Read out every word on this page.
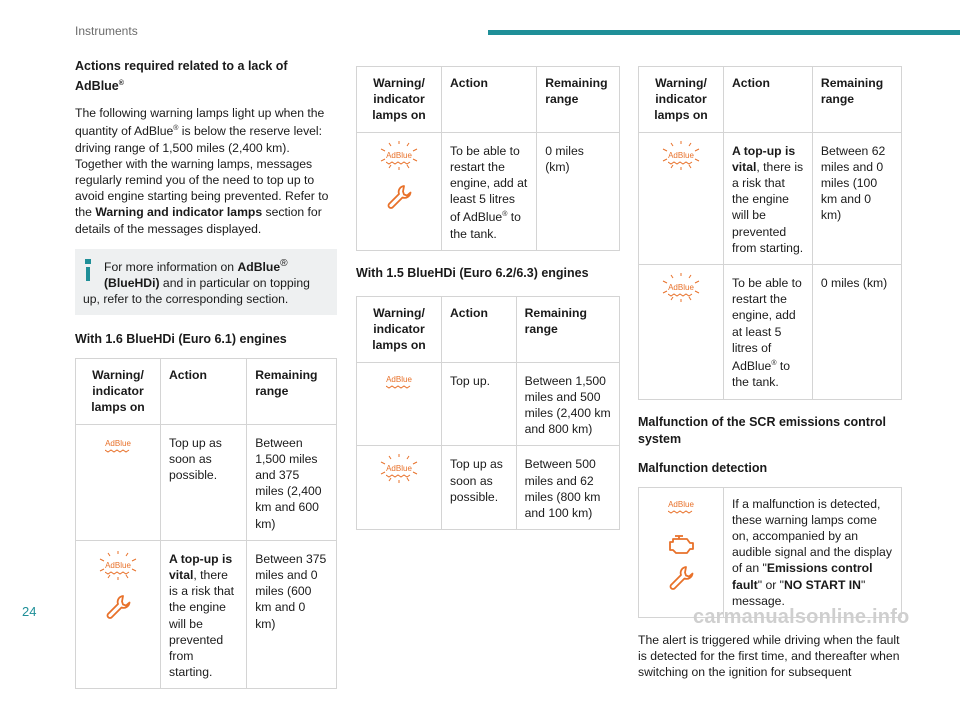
Instruments
Actions required related to a lack of AdBlue®

The following warning lamps light up when the quantity of AdBlue® is below the reserve level: driving range of 1,500 miles (2,400 km). Together with the warning lamps, messages regularly remind you of the need to top up to avoid engine starting being prevented. Refer to the Warning and indicator lamps section for details of the messages displayed.

For more information on AdBlue®
(BlueHDi) and in particular on topping up, refer to the corresponding section.
With 1.6 BlueHDi (Euro 6.1) engines
Warning/ indicator lamps on	Action	Remaining range

AdBlue	Top up as soon as possible.	Between 1,500 miles and 375 miles (2,400 km and 600 km)

AdBlue	A top-up is vital, there is a risk that the engine will be prevented from starting.	Between 375 miles and 0 miles (600 km and 0 km)
Warning/ indicator lamps on	Action	Remaining range

AdBlue	To be able to restart the engine, add at least 5 litres of AdBlue® to the tank.	0 miles (km)
With 1.5 BlueHDi (Euro 6.2/6.3) engines
Warning/ indicator lamps on	Action	Remaining range

AdBlue	Top up.	Between 1,500 miles and 500 miles (2,400 km and 800 km)

AdBlue	Top up as soon as possible.	Between 500 miles and 62 miles (800 km and 100 km)
Warning/ indicator lamps on	Action	Remaining range

AdBlue	A top-up is vital, there is a risk that the engine will be prevented from starting.	Between 62 miles and 0 miles (100 km and 0 km)

AdBlue	To be able to restart the engine, add at least 5 litres of AdBlue® to the tank.	0 miles (km)
Malfunction of the SCR emissions control system
Malfunction detection
AdBlue	If a malfunction is detected, these warning lamps come on, accompanied by an audible signal and the display of an "Emissions control fault" or "NO START IN" message.

The alert is triggered while driving when the fault is detected for the first time, and thereafter when switching on the ignition for subsequent

24	carmanualsonline.info
